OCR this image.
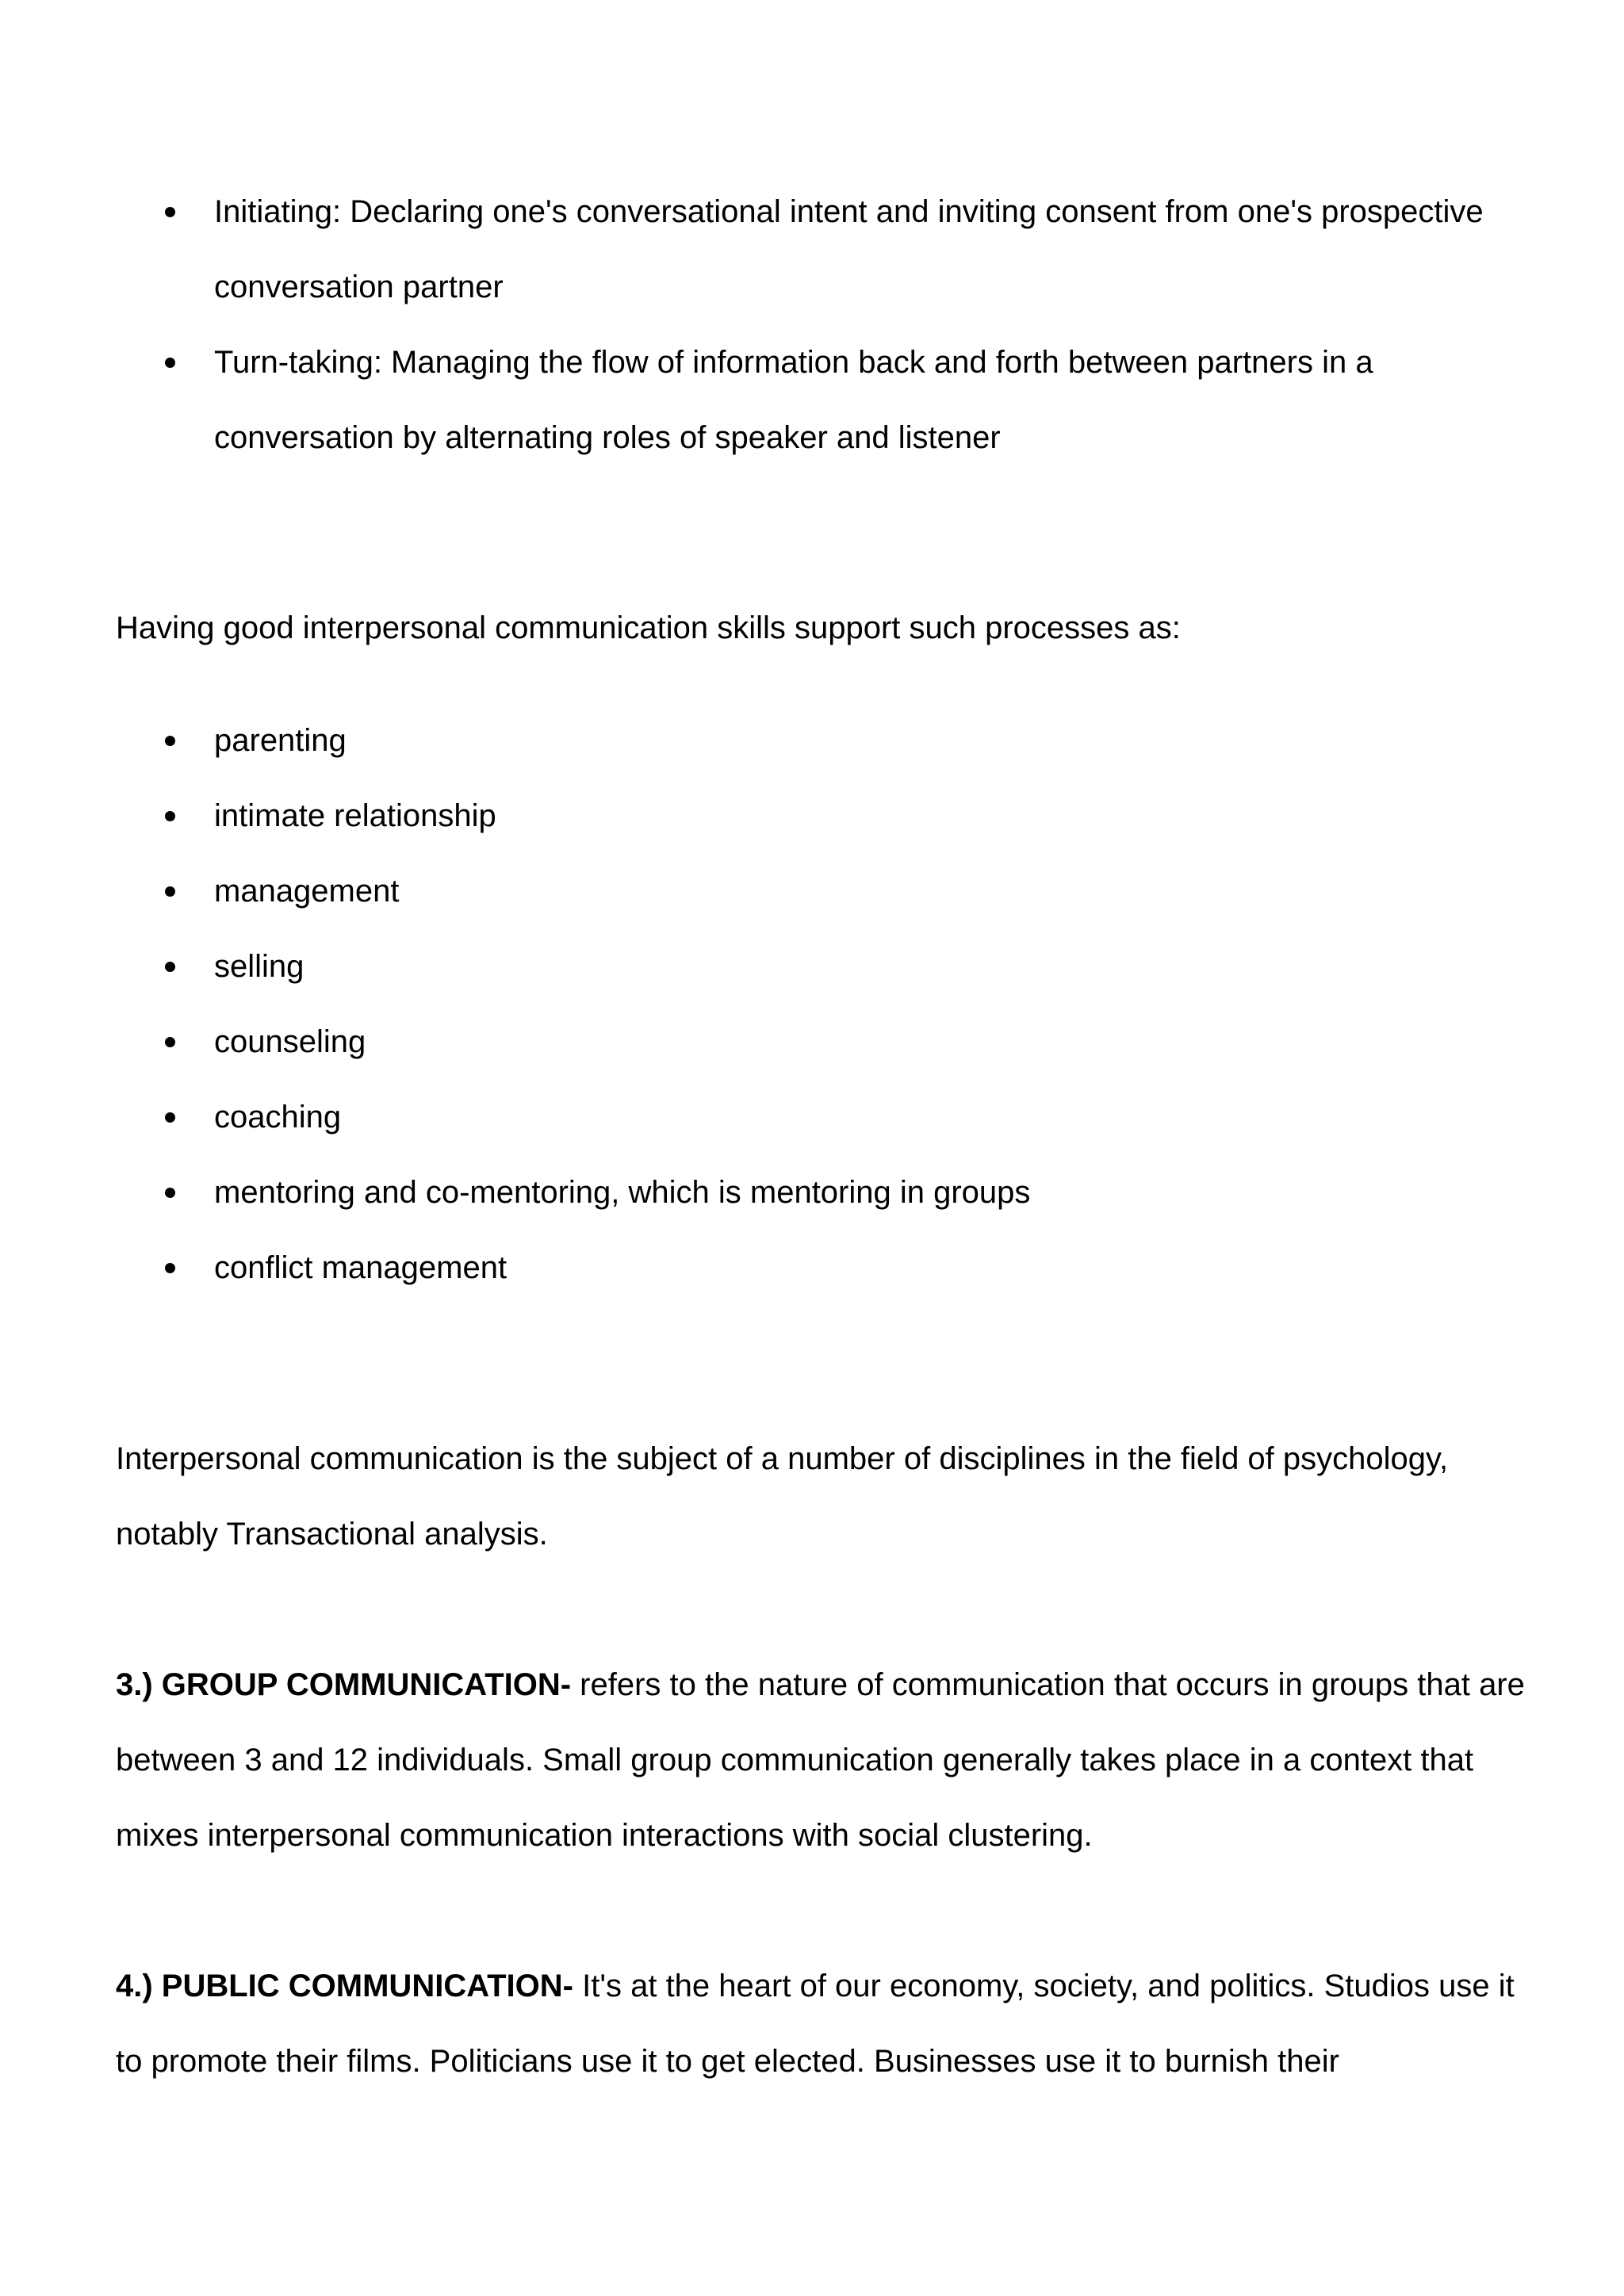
Initiating: Declaring one's conversational intent and inviting consent from one's prospective conversation partner
Turn-taking: Managing the flow of information back and forth between partners in a conversation by alternating roles of speaker and listener

Having good interpersonal communication skills support such processes as:

parenting
intimate relationship
management
selling
counseling
coaching
mentoring and co-mentoring, which is mentoring in groups
conflict management

Interpersonal communication is the subject of a number of disciplines in the field of psychology, notably Transactional analysis.

3.) GROUP COMMUNICATION- refers to the nature of communication that occurs in groups that are between 3 and 12 individuals. Small group communication generally takes place in a context that mixes interpersonal communication interactions with social clustering.

4.) PUBLIC COMMUNICATION- It's at the heart of our economy, society, and politics. Studios use it to promote their films. Politicians use it to get elected. Businesses use it to burnish their
